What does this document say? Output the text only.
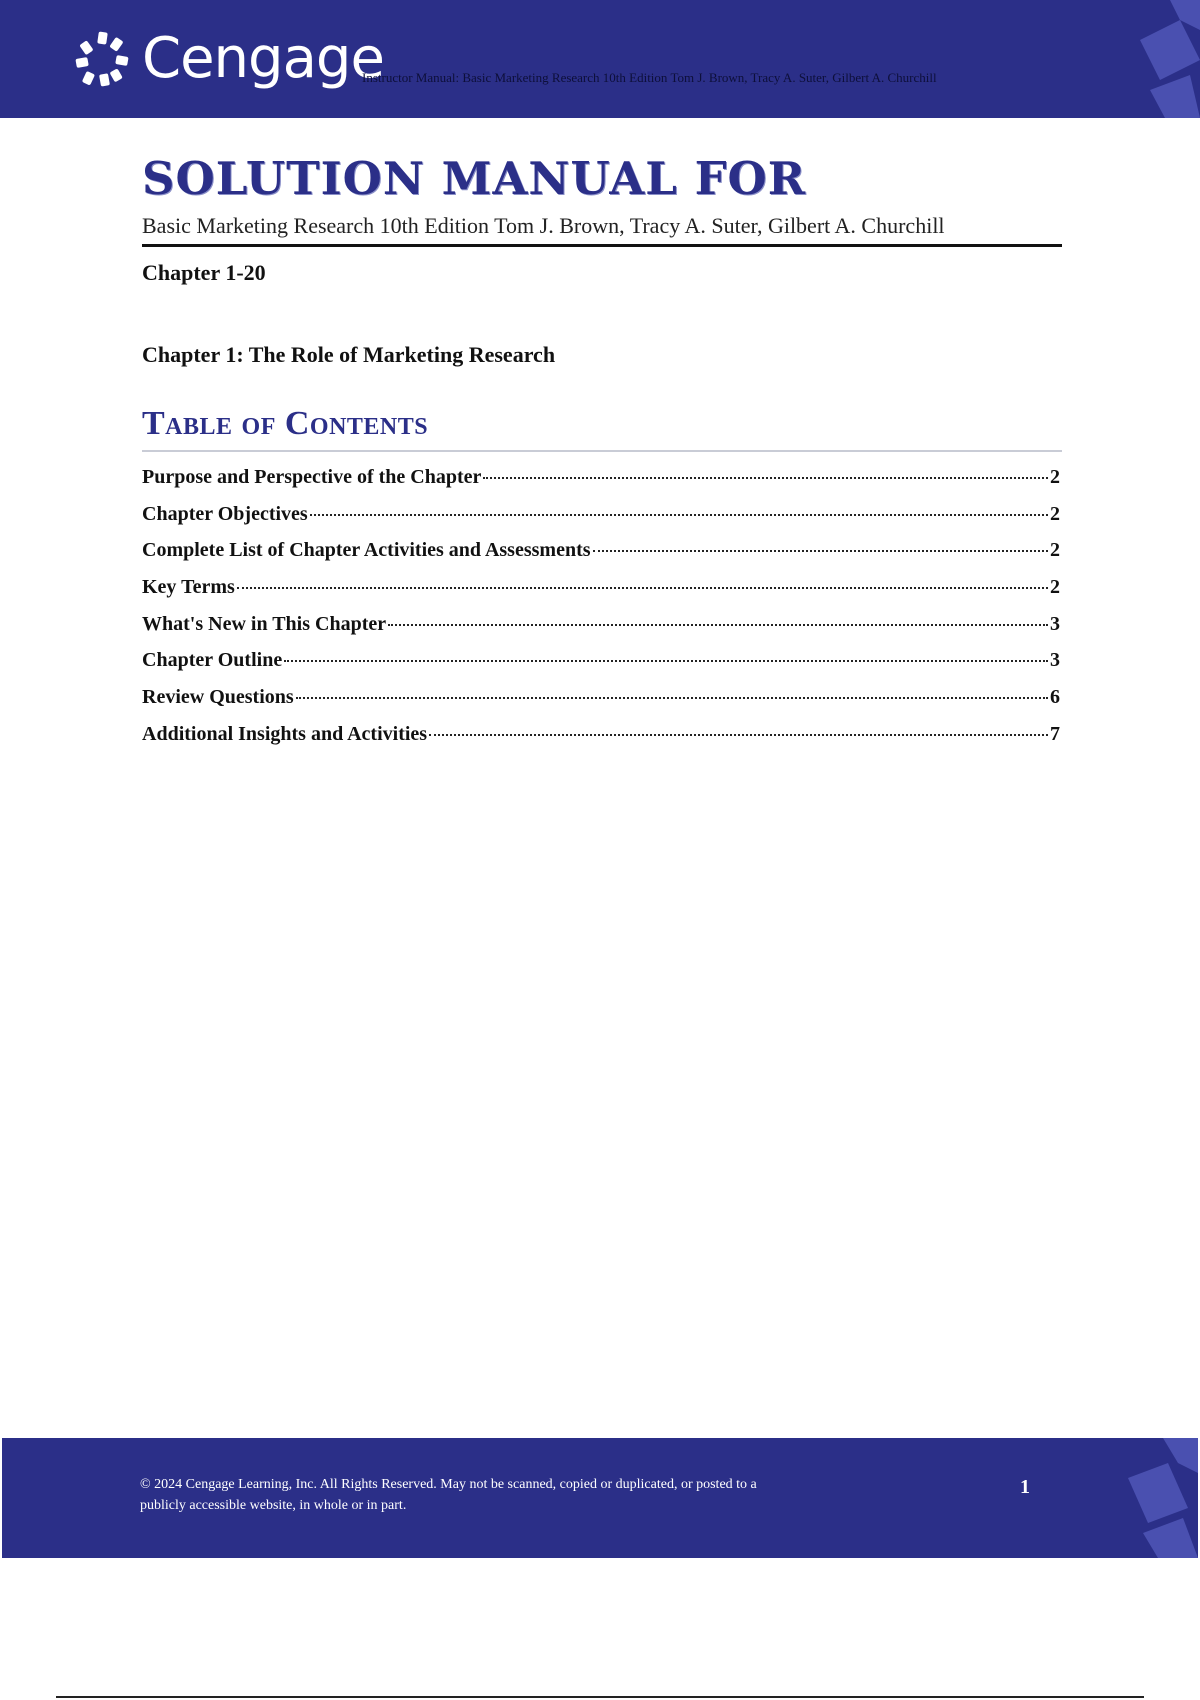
Cengage
Instructor Manual: Basic Marketing Research 10th Edition Tom J. Brown, Tracy A. Suter, Gilbert A. Churchill
SOLUTION MANUAL FOR
Basic Marketing Research 10th Edition Tom J. Brown, Tracy A. Suter, Gilbert A. Churchill
Chapter 1-20
Chapter 1: The Role of Marketing Research
Table of Contents
Purpose and Perspective of the Chapter	2
Chapter Objectives	2
Complete List of Chapter Activities and Assessments	2
Key Terms	2
What's New in This Chapter	3
Chapter Outline	3
Review Questions	6
Additional Insights and Activities	7
© 2024 Cengage Learning, Inc. All Rights Reserved. May not be scanned, copied or duplicated, or posted to a
publicly accessible website, in whole or in part.
1
